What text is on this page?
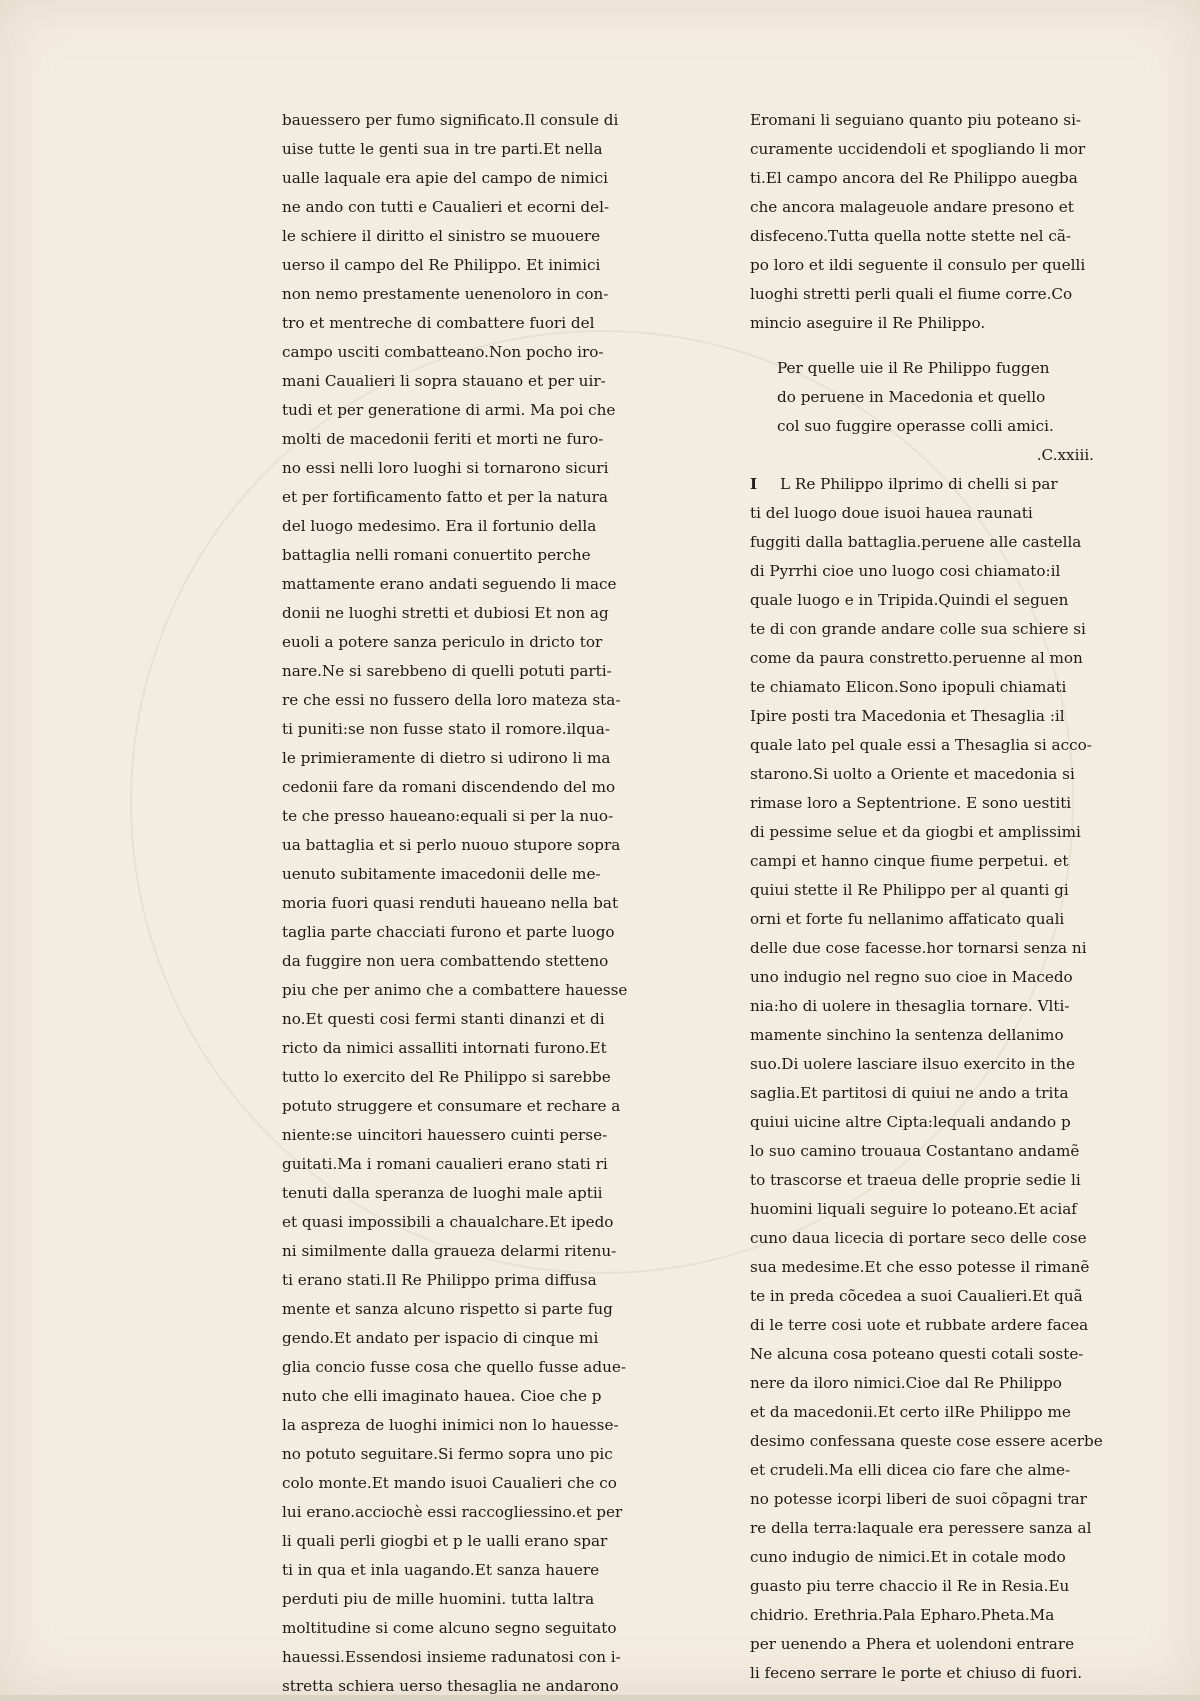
bauessero per fumo significato.Il consule di
uise tutte le genti sua in tre parti.Et nella
ualle laquale era apie del campo de nimici
ne ando con tutti e Caualieri et ecorni del-
le schiere il diritto el sinistro se muouere
uerso il campo del Re Philippo. Et inimici
non nemo prestamente uenenoloro in con-
tro et mentreche di combattere fuori del
campo usciti combatteano.Non pocho iro-
mani Caualieri li sopra stauano et per uir-
tudi et per generatione di armi. Ma poi che
molti de macedonii feriti et morti ne furo-
no essi nelli loro luoghi si tornarono sicuri
et per fortificamento fatto et per la natura
del luogo medesimo. Era il fortunio della
battaglia nelli romani conuertito perche
mattamente erano andati seguendo li mace
donii ne luoghi stretti et dubiosi Et non ag
euoli a potere sanza periculo in dricto tor
nare.Ne si sarebbeno di quelli potuti parti-
re che essi no fussero della loro mateza sta-
ti puniti:se non fusse stato il romore.ilqua-
le primieramente di dietro si udirono li ma
cedonii fare da romani discendendo del mo
te che presso haueano:equali si per la nuo-
ua battaglia et si perlo nuouo stupore sopra
uenuto subitamente imacedonii delle me-
moria fuori quasi renduti haueano nella bat
taglia parte chacciati furono et parte luogo
da fuggire non uera combattendo stetteno
piu che per animo che a combattere hauesse
no.Et questi cosi fermi stanti dinanzi et di
ricto da nimici assalliti intornati furono.Et
tutto lo exercito del Re Philippo si sarebbe
potuto struggere et consumare et rechare a
niente:se uincitori hauessero cuinti perse-
guitati.Ma i romani caualieri erano stati ri
tenuti dalla speranza de luoghi male aptii
et quasi impossibili a chaualchare.Et ipedo
ni similmente dalla graueza delarmi ritenu-
ti erano stati.Il Re Philippo prima diffusa
mente et sanza alcuno rispetto si parte fug
gendo.Et andato per ispacio di cinque mi
glia concio fusse cosa che quello fusse adue-
nuto che elli imaginato hauea. Cioe che p
la aspreza de luoghi inimici non lo hauesse-
no potuto seguitare.Si fermo sopra uno pic
colo monte.Et mando isuoi Caualieri che co
lui erano.acciochè essi raccogliessino.et per
li quali perli giogbi et p le ualli erano spar
ti in qua et inla uagando.Et sanza hauere
perduti piu de mille huomini. tutta laltra
moltitudine si come alcuno segno seguitato
hauessi.Essendosi insieme radunatosi con i-
stretta schiera uerso thesaglia ne andarono
Eromani li seguiano quanto piu poteano si-
curamente uccidendoli et spogliando li mor
ti.El campo ancora del Re Philippo auegba
che ancora malageuole andare presono et
disfeceno.Tutta quella notte stette nel cã-
po loro et ildi seguente il consulo per quelli
luoghi stretti perli quali el fiume corre.Co
mincio aseguire il Re Philippo.
Per quelle uie il Re Philippo fuggen
do peruene in Macedonia et quello
col suo fuggire operasse colli amici.
.C.xxiii.
I L Re Philippo ilprimo di chelli si par
ti del luogo doue isuoi hauea raunati
fuggiti dalla battaglia.peruene alle castella
di Pyrrhi cioe uno luogo cosi chiamato:il
quale luogo e in Tripida.Quindi el seguen
te di con grande andare colle sua schiere si
come da paura constretto.peruenne al mon
te chiamato Elicon.Sono ipopuli chiamati
Ipire posti tra Macedonia et Thesaglia :il
quale lato pel quale essi a Thesaglia si acco-
starono.Si uolto a Oriente et macedonia si
rimase loro a Septentrione. E sono uestiti
di pessime selue et da giogbi et amplissimi
campi et hanno cinque fiume perpetui. et
quiui stette il Re Philippo per al quanti gi
orni et forte fu nellanimo affaticato quali
delle due cose facesse.hor tornarsi senza ni
uno indugio nel regno suo cioe in Macedo
nia:ho di uolere in thesaglia tornare. Vlti-
mamente sinchino la sentenza dellanimo
suo.Di uolere lasciare ilsuo exercito in the
saglia.Et partitosi di quiui ne ando a trita
quiui uicine altre Cipta:lequali andando p
lo suo camino trouaua Costantano andamẽ
to trascorse et traeua delle proprie sedie li
huomini liquali seguire lo poteano.Et aciaf
cuno daua licecia di portare seco delle cose
sua medesime.Et che esso potesse il rimanẽ
te in preda cõcedea a suoi Caualieri.Et quã
di le terre cosi uote et rubbate ardere facea
Ne alcuna cosa poteano questi cotali soste-
nere da iloro nimici.Cioe dal Re Philippo
et da macedonii.Et certo ilRe Philippo me
desimo confessana queste cose essere acerbe
et crudeli.Ma elli dicea cio fare che alme-
no potesse icorpi liberi de suoi cõpagni trar
re della terra:laquale era peressere sanza al
cuno indugio de nimici.Et in cotale modo
guasto piu terre chaccio il Re in Resia.Eu
chidrio. Erethria.Pala Epharo.Pheta.Ma
per uenendo a Phera et uolendoni entrare
li feceno serrare le porte et chiuso di fuori.
